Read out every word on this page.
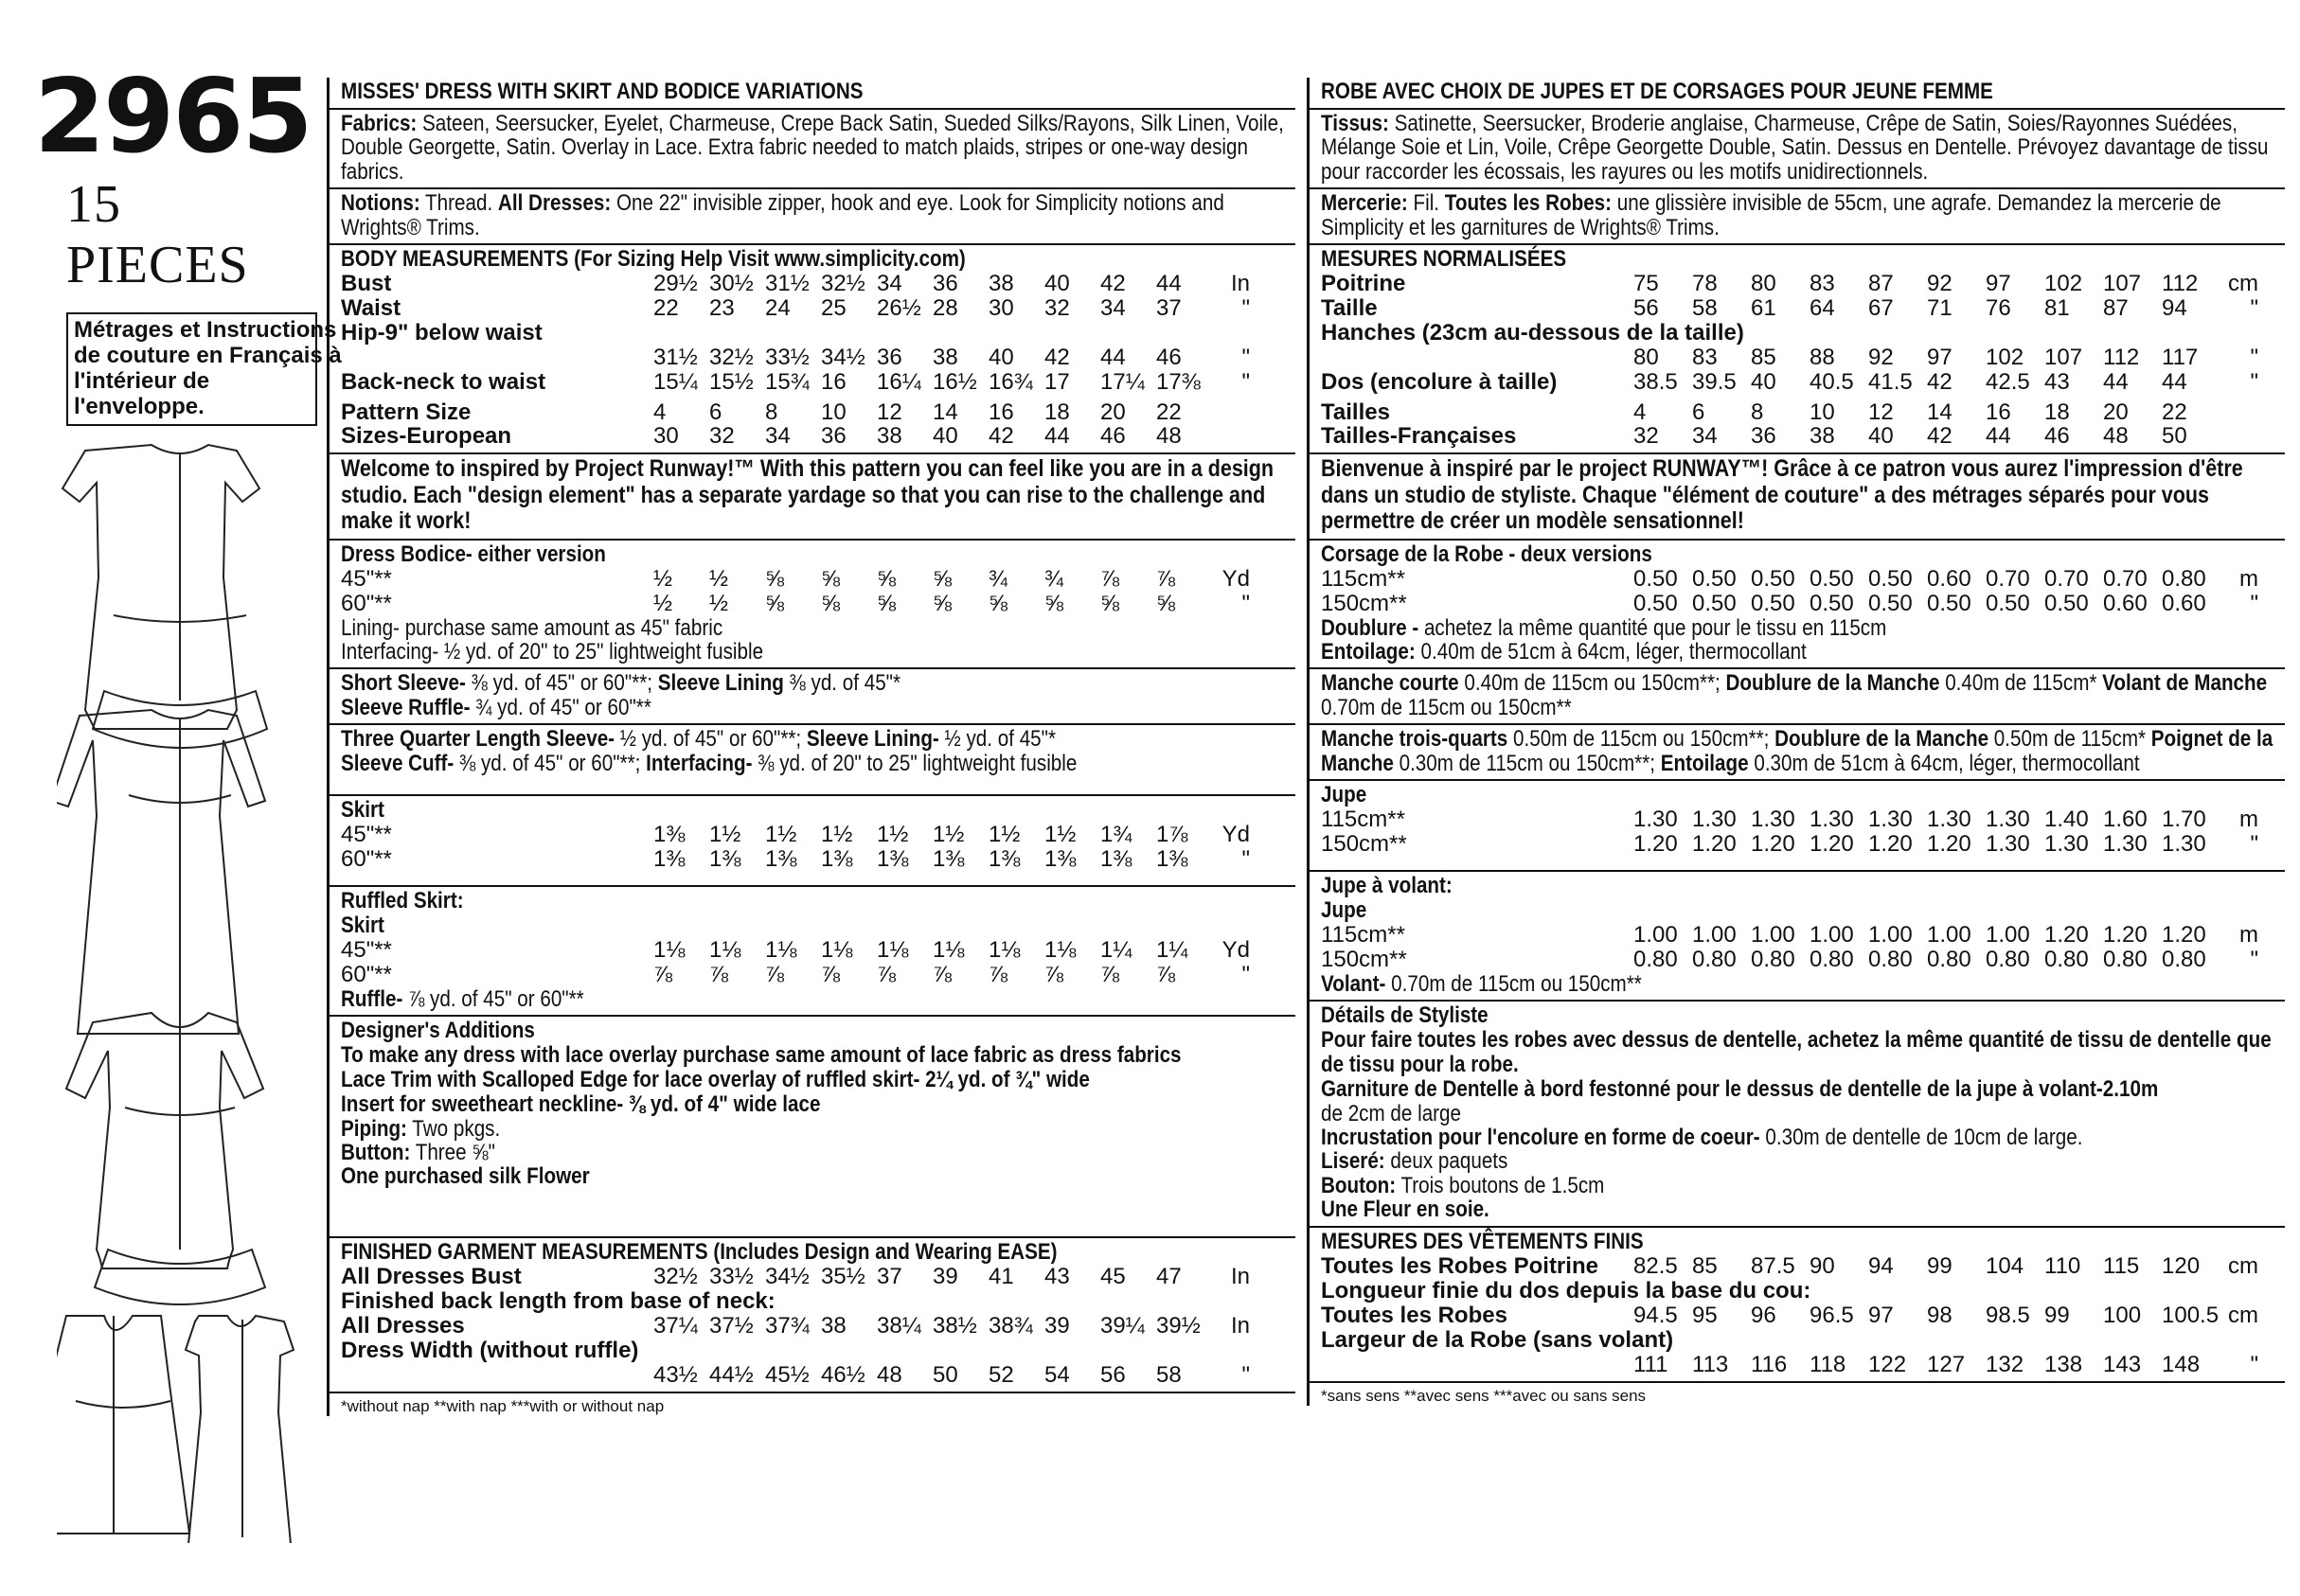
2965
15 PIECES
Métrages et Instructions
de couture en Français à
l'intérieur de
l'enveloppe.
MISSES' DRESS WITH SKIRT AND BODICE VARIATIONS
Fabrics: Sateen, Seersucker, Eyelet, Charmeuse, Crepe Back Satin, Sueded Silks/Rayons, Silk Linen, Voile, Double Georgette, Satin. Overlay in Lace. Extra fabric needed to match plaids, stripes or one-way design fabrics.
Notions: Thread. All Dresses: One 22" invisible zipper, hook and eye. Look for Simplicity notions and Wrights® Trims.
BODY MEASUREMENTS (For Sizing Help Visit www.simplicity.com)
Bust	29½ 30½ 31½ 32½ 34	36	38	40	42	44	In
Waist	22	23	24	25	26½ 28	30	32	34	37	"
Hip-9" below waist
31½ 32½ 33½ 34½ 36	38	40	42	44	46	"
Back-neck to waist	15¼ 15½ 15¾ 16	16¼ 16½ 16¾ 17	17¼ 17⅜	"
Pattern Size	4	6	8	10	12	14	16	18	20	22
Sizes-European	30	32	34	36	38	40	42	44	46	48
Welcome to inspired by Project Runway!™ With this pattern you can feel like you are in a design studio. Each "design element" has a separate yardage so that you can rise to the challenge and make it work!
Dress Bodice- either version
45"**	½	½	⅝	⅝	⅝	⅝	¾	¾	⅞	⅞	Yd
60"**	½	½	⅝	⅝	⅝	⅝	⅝	⅝	⅝	⅝	"
Lining- purchase same amount as 45" fabric
Interfacing- ½ yd. of 20" to 25" lightweight fusible
Short Sleeve- ⅜ yd. of 45" or 60"**; Sleeve Lining ⅜ yd. of 45"*
Sleeve Ruffle- ¾ yd. of 45" or 60"**
Three Quarter Length Sleeve- ½ yd. of 45" or 60"**; Sleeve Lining- ½ yd. of 45"*
Sleeve Cuff- ⅜ yd. of 45" or 60"**; Interfacing- ⅜ yd. of 20" to 25" lightweight fusible
Skirt
45"**	1⅜	1½	1½	1½	1½	1½	1½	1½	1¾	1⅞	Yd
60"**	1⅜	1⅜	1⅜	1⅜	1⅜	1⅜	1⅜	1⅜	1⅜	1⅜	"
Ruffled Skirt:
Skirt
45"**	1⅛	1⅛	1⅛	1⅛	1⅛	1⅛	1⅛	1⅛	1¼	1¼	Yd
60"**	⅞	⅞	⅞	⅞	⅞	⅞	⅞	⅞	⅞	⅞	"
Ruffle- ⅞ yd. of 45" or 60"**
Designer's Additions
To make any dress with lace overlay purchase same amount of lace fabric as dress fabrics
Lace Trim with Scalloped Edge for lace overlay of ruffled skirt- 2¼ yd. of ¾" wide
Insert for sweetheart neckline- ⅜ yd. of 4" wide lace
Piping: Two pkgs.
Button: Three ⅝"
One purchased silk Flower
FINISHED GARMENT MEASUREMENTS (Includes Design and Wearing EASE)
All Dresses Bust	32½ 33½ 34½ 35½ 37	39	41	43	45	47	In
Finished back length from base of neck:
All Dresses	37¼ 37½ 37¾ 38	38¼ 38½ 38¾ 39	39¼ 39½	In
Dress Width (without ruffle)
43½ 44½ 45½ 46½ 48	50	52	54	56	58	"
*without nap **with nap ***with or without nap
ROBE AVEC CHOIX DE JUPES ET DE CORSAGES POUR JEUNE FEMME
Tissus: Satinette, Seersucker, Broderie anglaise, Charmeuse, Crêpe de Satin, Soies/Rayonnes Suédées, Mélange Soie et Lin, Voile, Crêpe Georgette Double, Satin. Dessus en Dentelle. Prévoyez davantage de tissu pour raccorder les écossais, les rayures ou les motifs unidirectionnels.
Mercerie: Fil. Toutes les Robes: une glissière invisible de 55cm, une agrafe. Demandez la mercerie de Simplicity et les garnitures de Wrights® Trims.
MESURES NORMALISÉES
Poitrine	75	78	80	83	87	92	97	102 107 112	cm
Taille	56	58	61	64	67	71	76	81	87	94	"
Hanches (23cm au-dessous de la taille)
80	83	85	88	92	97	102 107 112 117	"
Dos (encolure à taille)	38.5 39.5 40	40.5 41.5 42	42.5 43	44	44	"
Tailles	4	6	8	10	12	14	16	18	20	22
Tailles-Françaises	32	34	36	38	40	42	44	46	48	50
Bienvenue à inspiré par le project RUNWAY™! Grâce à ce patron vous aurez l'impression d'être dans un studio de styliste. Chaque "élément de couture" a des métrages séparés pour vous permettre de créer un modèle sensationnel!
Corsage de la Robe - deux versions
115cm**	0.50 0.50 0.50 0.50 0.50 0.60 0.70 0.70 0.70 0.80	m
150cm**	0.50 0.50 0.50 0.50 0.50 0.50 0.50 0.50 0.60 0.60	"
Doublure - achetez la même quantité que pour le tissu en 115cm
Entoilage: 0.40m de 51cm à 64cm, léger, thermocollant
Manche courte 0.40m de 115cm ou 150cm**; Doublure de la Manche 0.40m de 115cm* Volant de Manche 0.70m de 115cm ou 150cm**
Manche trois-quarts 0.50m de 115cm ou 150cm**; Doublure de la Manche 0.50m de 115cm* Poignet de la Manche 0.30m de 115cm ou 150cm**; Entoilage 0.30m de 51cm à 64cm, léger, thermocollant
Jupe
115cm**	1.30 1.30 1.30 1.30 1.30 1.30 1.30 1.40 1.60 1.70	m
150cm**	1.20 1.20 1.20 1.20 1.20 1.20 1.30 1.30 1.30 1.30	"
Jupe à volant:
Jupe
115cm**	1.00 1.00 1.00 1.00 1.00 1.00 1.00 1.20 1.20 1.20	m
150cm**	0.80 0.80 0.80 0.80 0.80 0.80 0.80 0.80 0.80 0.80	"
Volant- 0.70m de 115cm ou 150cm**
Détails de Styliste
Pour faire toutes les robes avec dessus de dentelle, achetez la même quantité de tissu de dentelle que de tissu pour la robe.
Garniture de Dentelle à bord festonné pour le dessus de dentelle de la jupe à volant-2.10m
de 2cm de large
Incrustation pour l'encolure en forme de coeur- 0.30m de dentelle de 10cm de large.
Liseré: deux paquets
Bouton: Trois boutons de 1.5cm
Une Fleur en soie.
MESURES DES VÊTEMENTS FINIS
Toutes les Robes Poitrine	82.5 85	87.5 90	94	99	104 110 115 120	cm
Longueur finie du dos depuis la base du cou:
Toutes les Robes	94.5 95	96	96.5 97	98	98.5 99	100 100.5 cm
Largeur de la Robe (sans volant)
111	113 116 118 122 127 132 138 143 148	"
*sans sens **avec sens ***avec ou sans sens
